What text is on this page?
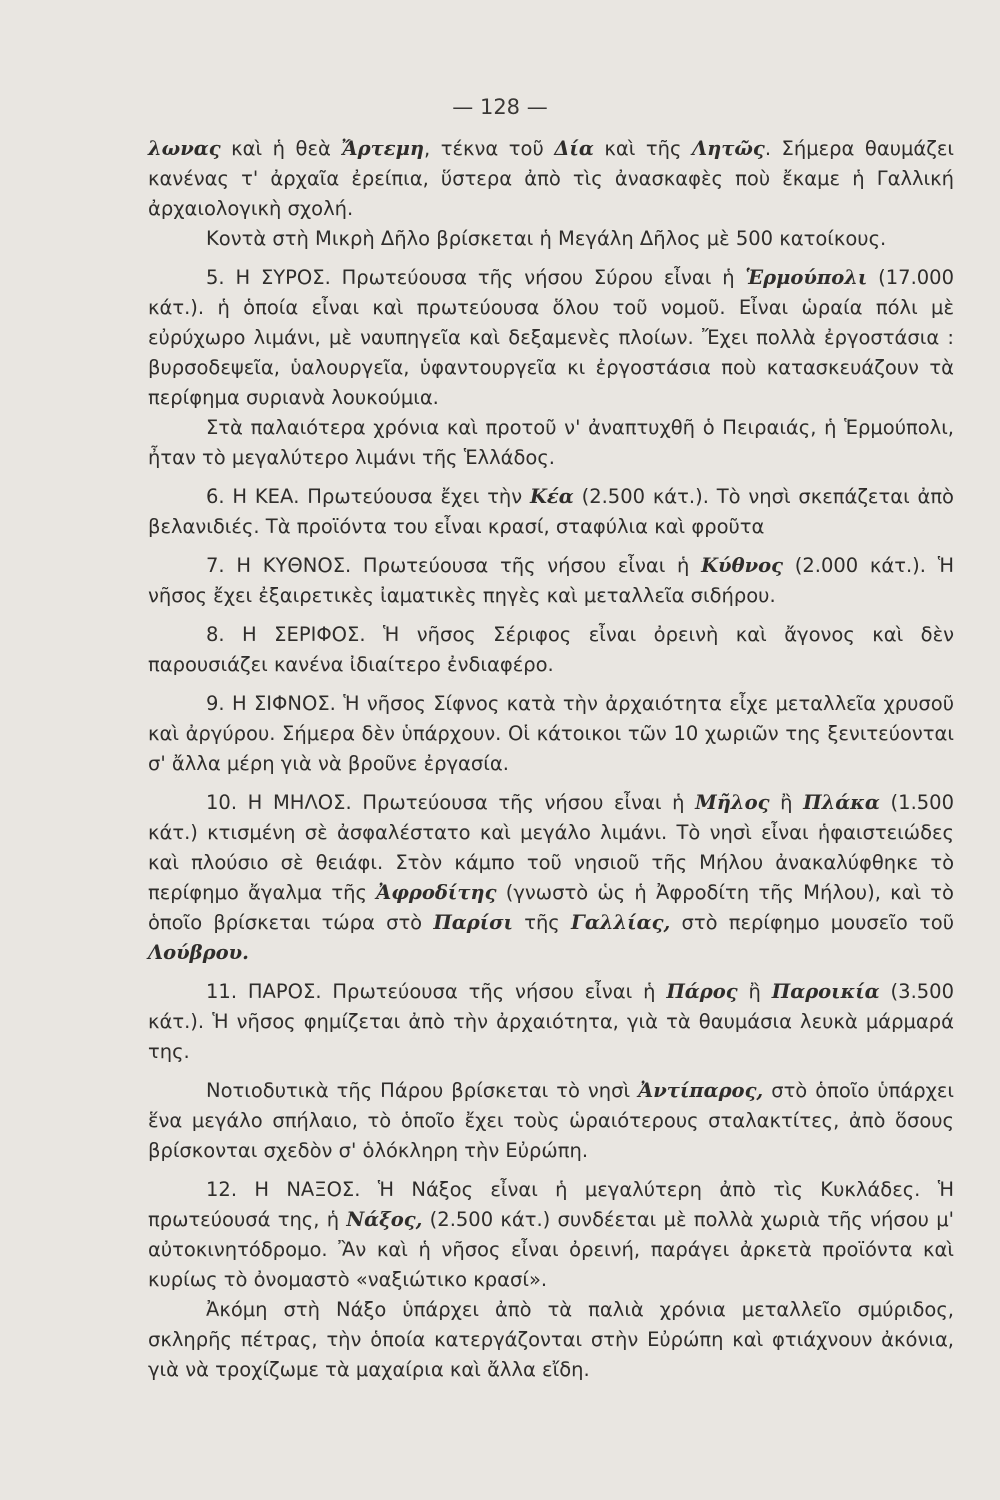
— 128 —

λωνας καὶ ἡ θεὰ Ἄρτεμη, τέκνα τοῦ Δία καὶ τῆς Λητῶς. Σήμερα θαυμάζει κανένας τ' ἀρχαῖα ἐρείπια, ὕστερα ἀπὸ τὶς ἀνασκαφὲς ποὺ ἔκαμε ἡ Γαλλική ἀρχαιολογικὴ σχολή.

Κοντὰ στὴ Μικρὴ Δῆλο βρίσκεται ἡ Μεγάλη Δῆλος μὲ 500 κατοίκους.

5. Η ΣΥΡΟΣ. Πρωτεύουσα τῆς νήσου Σύρου εἶναι ἡ Ἑρμούπολι (17.000 κάτ.). ἡ ὁποία εἶναι καὶ πρωτεύουσα ὅλου τοῦ νομοῦ. Εἶναι ὡραία πόλι μὲ εὐρύχωρο λιμάνι, μὲ ναυπηγεῖα καὶ δεξαμενὲς πλοίων. Ἔχει πολλὰ ἐργοστάσια : βυρσοδεψεῖα, ὑαλουργεῖα, ὑφαντουργεῖα κι ἐργοστάσια ποὺ κατασκευάζουν τὰ περίφημα συριανὰ λουκούμια.

Στὰ παλαιότερα χρόνια καὶ προτοῦ ν' ἀναπτυχθῆ ὁ Πειραιάς, ἡ Ἑρμούπολι, ἦταν τὸ μεγαλύτερο λιμάνι τῆς Ἑλλάδος.

6. Η ΚΕΑ. Πρωτεύουσα ἔχει τὴν Κέα (2.500 κάτ.). Τὸ νησὶ σκεπάζεται ἀπὸ βελανιδιές. Τὰ προϊόντα του εἶναι κρασί, σταφύλια καὶ φροῦτα

7. Η ΚΥΘΝΟΣ. Πρωτεύουσα τῆς νήσου εἶναι ἡ Κύθνος (2.000 κάτ.). Ἡ νῆσος ἔχει ἐξαιρετικὲς ἰαματικὲς πηγὲς καὶ μεταλλεῖα σιδήρου.

8. Η ΣΕΡΙΦΟΣ. Ἡ νῆσος Σέριφος εἶναι ὀρεινὴ καὶ ἄγονος καὶ δὲν παρουσιάζει κανένα ἰδιαίτερο ἐνδιαφέρο.

9. Η ΣΙΦΝΟΣ. Ἡ νῆσος Σίφνος κατὰ τὴν ἀρχαιότητα εἶχε μεταλλεῖα χρυσοῦ καὶ ἀργύρου. Σήμερα δὲν ὑπάρχουν. Οἱ κάτοικοι τῶν 10 χωριῶν της ξενιτεύονται σ' ἄλλα μέρη γιὰ νὰ βροῦνε ἐργασία.

10. Η ΜΗΛΟΣ. Πρωτεύουσα τῆς νήσου εἶναι ἡ Μῆλος ἢ Πλάκα (1.500 κάτ.) κτισμένη σὲ ἀσφαλέστατο καὶ μεγάλο λιμάνι. Τὸ νησὶ εἶναι ἡφαιστειώδες καὶ πλούσιο σὲ θειάφι. Στὸν κάμπο τοῦ νησιοῦ τῆς Μήλου ἀνακαλύφθηκε τὸ περίφημο ἄγαλμα τῆς Ἀφροδίτης (γνωστὸ ὡς ἡ Ἀφροδίτη τῆς Μήλου), καὶ τὸ ὁποῖο βρίσκεται τώρα στὸ Παρίσι τῆς Γαλλίας, στὸ περίφημο μουσεῖο τοῦ Λούβρου.

11. ΠΑΡΟΣ. Πρωτεύουσα τῆς νήσου εἶναι ἡ Πάρος ἢ Παροικία (3.500 κάτ.). Ἡ νῆσος φημίζεται ἀπὸ τὴν ἀρχαιότητα, γιὰ τὰ θαυμάσια λευκὰ μάρμαρά της.

Νοτιοδυτικὰ τῆς Πάρου βρίσκεται τὸ νησὶ Ἀντίπαρος, στὸ ὁποῖο ὑπάρχει ἕνα μεγάλο σπήλαιο, τὸ ὁποῖο ἔχει τοὺς ὡραιότερους σταλακτίτες, ἀπὸ ὅσους βρίσκονται σχεδὸν σ' ὁλόκληρη τὴν Εὐρώπη.

12. Η ΝΑΞΟΣ. Ἡ Νάξος εἶναι ἡ μεγαλύτερη ἀπὸ τὶς Κυκλάδες. Ἡ πρωτεύουσά της, ἡ Νάξος, (2.500 κάτ.) συνδέεται μὲ πολλὰ χωριὰ τῆς νήσου μ' αὐτοκινητόδρομο. Ἂν καὶ ἡ νῆσος εἶναι ὀρεινή, παράγει ἀρκετὰ προϊόντα καὶ κυρίως τὸ ὀνομαστὸ «ναξιώτικο κρασί».

Ἀκόμη στὴ Νάξο ὑπάρχει ἀπὸ τὰ παλιὰ χρόνια μεταλλεῖο σμύριδος, σκληρῆς πέτρας, τὴν ὁποία κατεργάζονται στὴν Εὐρώπη καὶ φτιάχνουν ἀκόνια, γιὰ νὰ τροχίζωμε τὰ μαχαίρια καὶ ἄλλα εἴδη.
